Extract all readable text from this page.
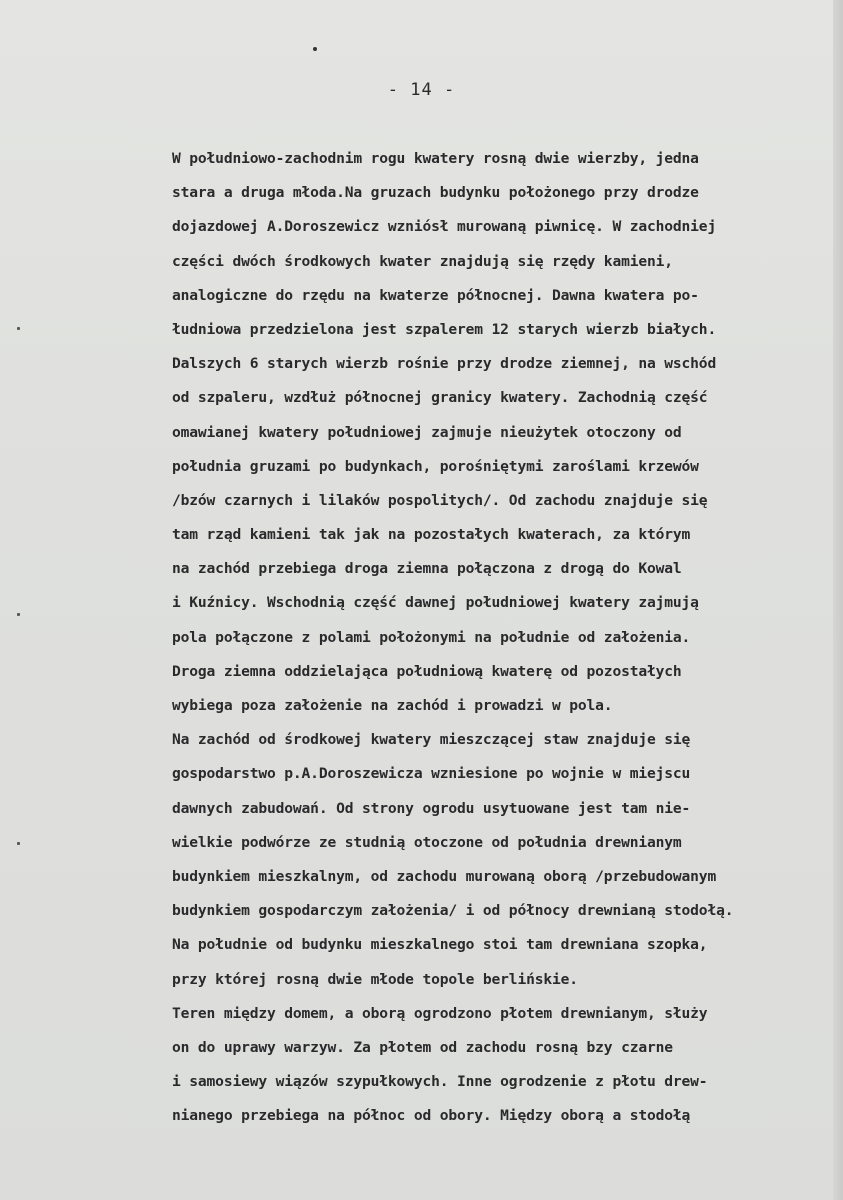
- 14 -
W południowo-zachodnim rogu kwatery rosną dwie wierzby, jedna
stara a druga młoda.Na gruzach budynku położonego przy drodze
dojazdowej A.Doroszewicz wzniósł murowaną piwnicę. W zachodniej
części dwóch środkowych kwater znajdują się rzędy kamieni,
analogiczne do rzędu na kwaterze północnej. Dawna kwatera po-
łudniowa przedzielona jest szpalerem 12 starych wierzb białych.
Dalszych 6 starych wierzb rośnie przy drodze ziemnej, na wschód
od szpaleru, wzdłuż północnej granicy kwatery. Zachodnią część
omawianej kwatery południowej zajmuje nieużytek otoczony od
południa gruzami po budynkach, porośniętymi zaroślami krzewów
/bzów czarnych i lilaków pospolitych/. Od zachodu znajduje się
tam rząd kamieni tak jak na pozostałych kwaterach, za którym
na zachód przebiega droga ziemna połączona z drogą do Kowal
i Kuźnicy. Wschodnią część dawnej południowej kwatery zajmują
pola połączone z polami położonymi na południe od założenia.
Droga ziemna oddzielająca południową kwaterę od pozostałych
wybiega poza założenie na zachód i prowadzi w pola.
Na zachód od środkowej kwatery mieszczącej staw znajduje się
gospodarstwo p.A.Doroszewicza wzniesione po wojnie w miejscu
dawnych zabudowań. Od strony ogrodu usytuowane jest tam nie-
wielkie podwórze ze studnią otoczone od południa drewnianym
budynkiem mieszkalnym, od zachodu murowaną oborą /przebudowanym
budynkiem gospodarczym założenia/ i od północy drewnianą stodołą.
Na południe od budynku mieszkalnego stoi tam drewniana szopka,
przy której rosną dwie młode topole berlińskie.
Teren między domem, a oborą ogrodzono płotem drewnianym, służy
on do uprawy warzyw. Za płotem od zachodu rosną bzy czarne
i samosiewy wiązów szypułkowych. Inne ogrodzenie z płotu drew-
nianego przebiega na północ od obory. Między oborą a stodołą
